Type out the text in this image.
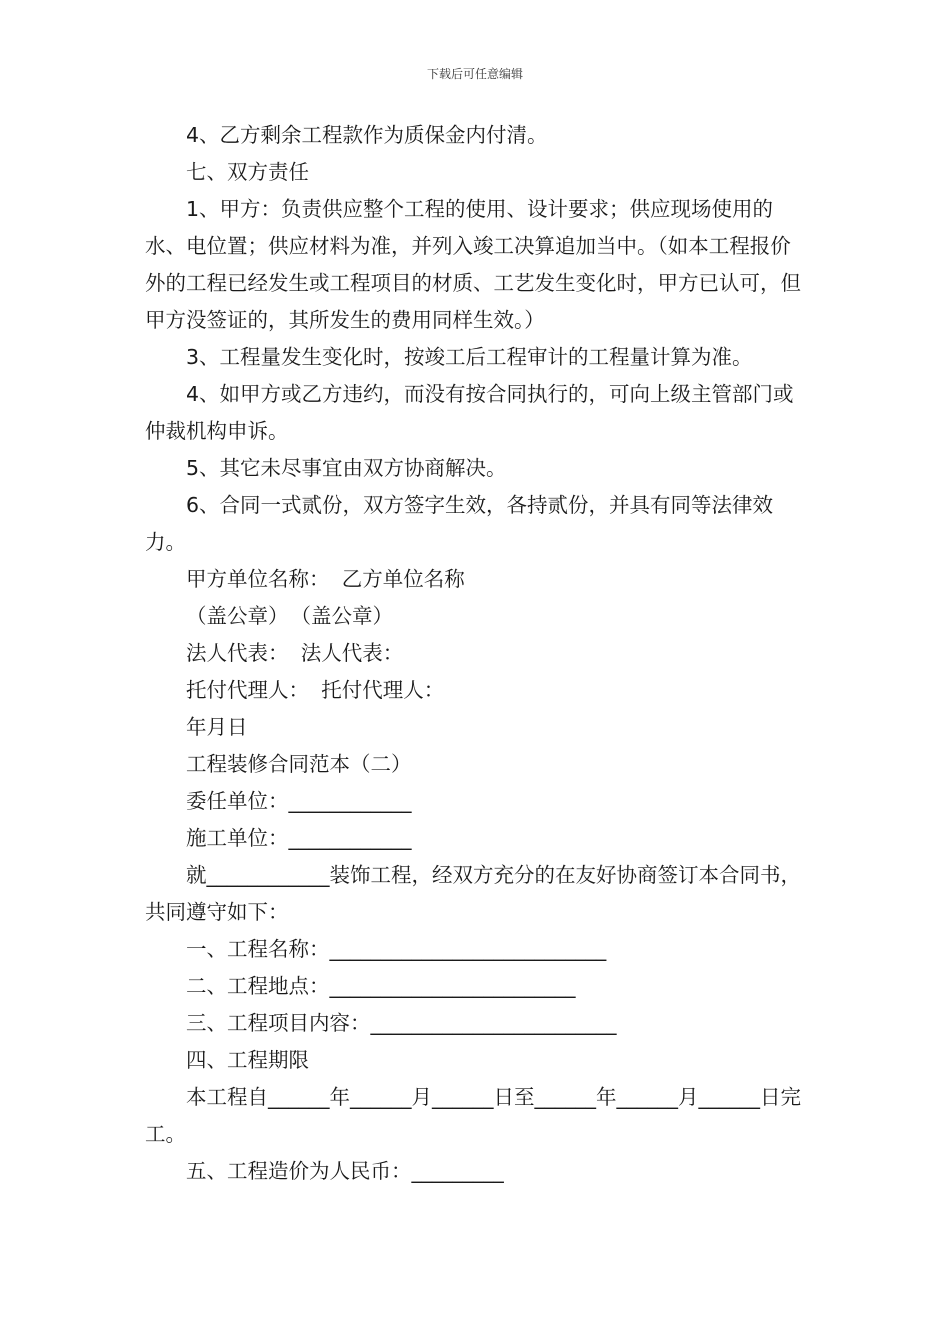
下载后可任意编辑

4、乙方剩余工程款作为质保金内付清。

七、双方责任

1、甲方：负责供应整个工程的使用、设计要求；供应现场使用的水、电位置；供应材料为准，并列入竣工决算追加当中。（如本工程报价外的工程已经发生或工程项目的材质、工艺发生变化时，甲方已认可，但甲方没签证的，其所发生的费用同样生效。）

3、工程量发生变化时，按竣工后工程审计的工程量计算为准。

4、如甲方或乙方违约，而没有按合同执行的，可向上级主管部门或仲裁机构申诉。

5、其它未尽事宜由双方协商解决。

6、合同一式贰份，双方签字生效，各持贰份，并具有同等法律效力。

甲方单位名称： 乙方单位名称

（盖公章） （盖公章）

法人代表： 法人代表：

托付代理人： 托付代理人：

年月日

工程装修合同范本（二）

委任单位：____________

施工单位：____________

就____________装饰工程，经双方充分的在友好协商签订本合同书，共同遵守如下：

一、工程名称：___________________________

二、工程地点：________________________

三、工程项目内容：________________________

四、工程期限

本工程自______年______月______日至______年______月______日完工。

五、工程造价为人民币：_________
